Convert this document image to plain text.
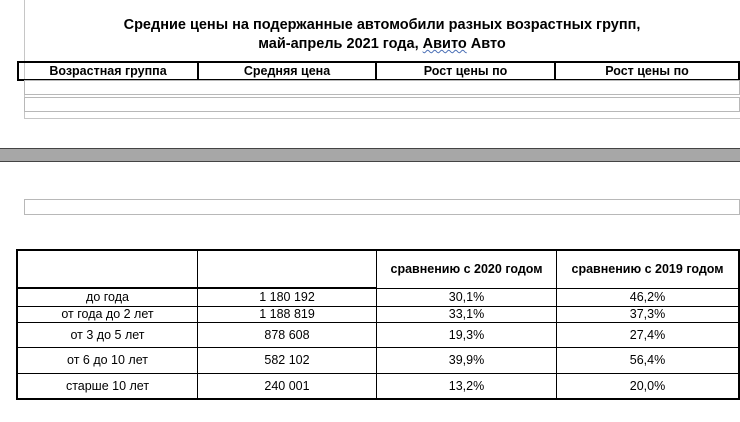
Средние цены на подержанные автомобили разных возрастных групп,
май-апрель 2021 года, Авито Авто
Возрастная группа	Средняя цена	Рост цены по	Рост цены по
		сравнению с 2020 годом	сравнению с 2019 годом
до года	1 180 192	30,1%	46,2%
от года до 2 лет	1 188 819	33,1%	37,3%
от 3 до 5 лет	878 608	19,3%	27,4%
от 6 до 10 лет	582 102	39,9%	56,4%
старше 10 лет	240 001	13,2%	20,0%
